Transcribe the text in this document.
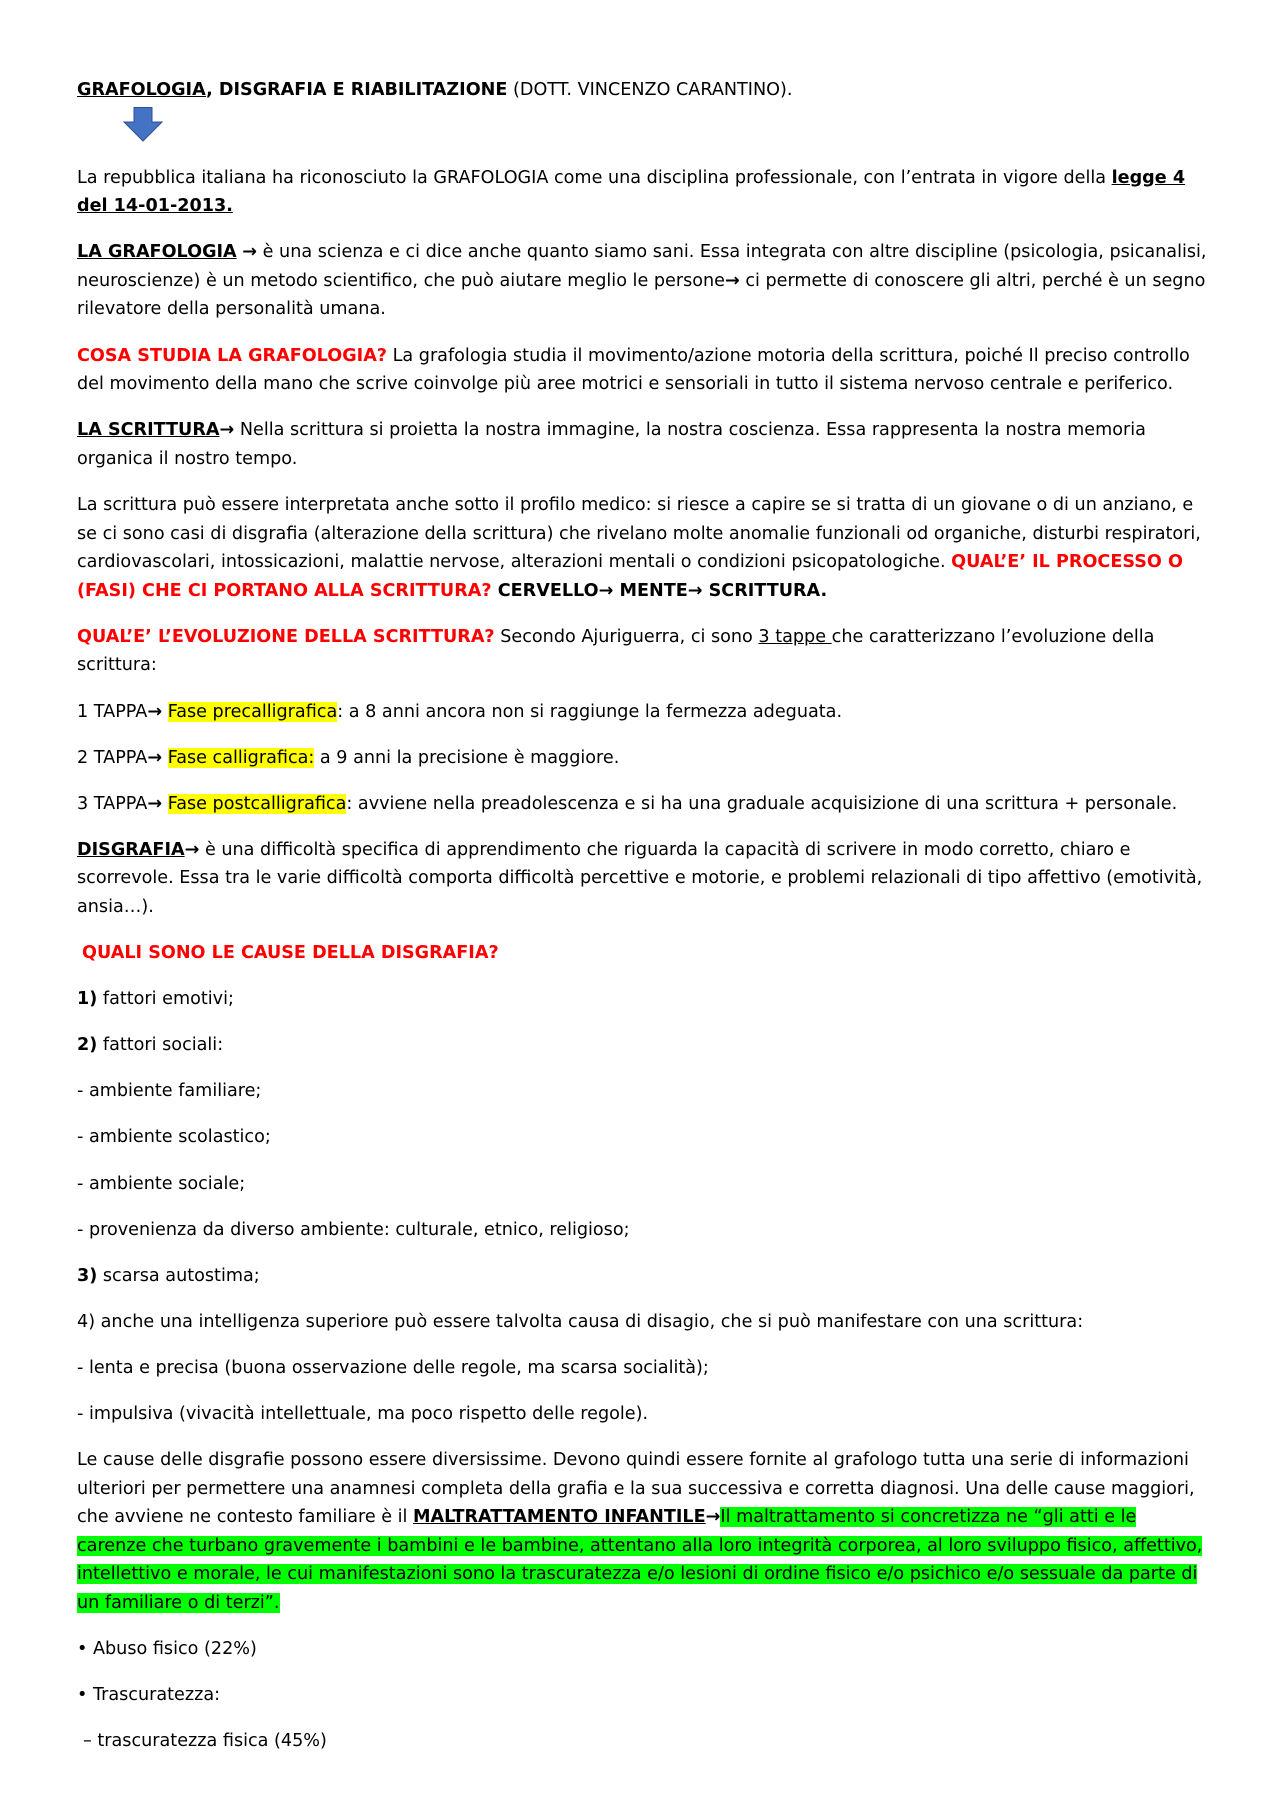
GRAFOLOGIA, DISGRAFIA E RIABILITAZIONE (DOTT. VINCENZO CARANTINO).

La repubblica italiana ha riconosciuto la GRAFOLOGIA come una disciplina professionale, con l’entrata in vigore della legge 4 del 14-01-2013.

LA GRAFOLOGIA → è una scienza e ci dice anche quanto siamo sani. Essa integrata con altre discipline (psicologia, psicanalisi, neuroscienze) è un metodo scientifico, che può aiutare meglio le persone→ ci permette di conoscere gli altri, perché è un segno rilevatore della personalità umana.

COSA STUDIA LA GRAFOLOGIA? La grafologia studia il movimento/azione motoria della scrittura, poiché Il preciso controllo del movimento della mano che scrive coinvolge più aree motrici e sensoriali in tutto il sistema nervoso centrale e periferico.

LA SCRITTURA→ Nella scrittura si proietta la nostra immagine, la nostra coscienza. Essa rappresenta la nostra memoria organica il nostro tempo.

La scrittura può essere interpretata anche sotto il profilo medico: si riesce a capire se si tratta di un giovane o di un anziano, e se ci sono casi di disgrafia (alterazione della scrittura) che rivelano molte anomalie funzionali od organiche, disturbi respiratori, cardiovascolari, intossicazioni, malattie nervose, alterazioni mentali o condizioni psicopatologiche. QUAL’E’ IL PROCESSO O (FASI) CHE CI PORTANO ALLA SCRITTURA? CERVELLO→ MENTE→ SCRITTURA.

QUAL’E’ L’EVOLUZIONE DELLA SCRITTURA? Secondo Ajuriguerra, ci sono 3 tappe che caratterizzano l’evoluzione della scrittura:

1 TAPPA→ Fase precalligrafica: a 8 anni ancora non si raggiunge la fermezza adeguata.

2 TAPPA→ Fase calligrafica: a 9 anni la precisione è maggiore.

3 TAPPA→ Fase postcalligrafica: avviene nella preadolescenza e si ha una graduale acquisizione di una scrittura + personale.

DISGRAFIA→ è una difficoltà specifica di apprendimento che riguarda la capacità di scrivere in modo corretto, chiaro e scorrevole. Essa tra le varie difficoltà comporta difficoltà percettive e motorie, e problemi relazionali di tipo affettivo (emotività, ansia…).

QUALI SONO LE CAUSE DELLA DISGRAFIA?

1) fattori emotivi;

2) fattori sociali:

- ambiente familiare;

- ambiente scolastico;

- ambiente sociale;

- provenienza da diverso ambiente: culturale, etnico, religioso;

3) scarsa autostima;

4) anche una intelligenza superiore può essere talvolta causa di disagio, che si può manifestare con una scrittura:

- lenta e precisa (buona osservazione delle regole, ma scarsa socialità);

- impulsiva (vivacità intellettuale, ma poco rispetto delle regole).

Le cause delle disgrafie possono essere diversissime. Devono quindi essere fornite al grafologo tutta una serie di informazioni ulteriori per permettere una anamnesi completa della grafia e la sua successiva e corretta diagnosi. Una delle cause maggiori, che avviene ne contesto familiare è il MALTRATTAMENTO INFANTILE→Il maltrattamento si concretizza ne “gli atti e le carenze che turbano gravemente i bambini e le bambine, attentano alla loro integrità corporea, al loro sviluppo fisico, affettivo, intellettivo e morale, le cui manifestazioni sono la trascuratezza e/o lesioni di ordine fisico e/o psichico e/o sessuale da parte di un familiare o di terzi”.

• Abuso fisico (22%)

• Trascuratezza:

– trascuratezza fisica (45%)
